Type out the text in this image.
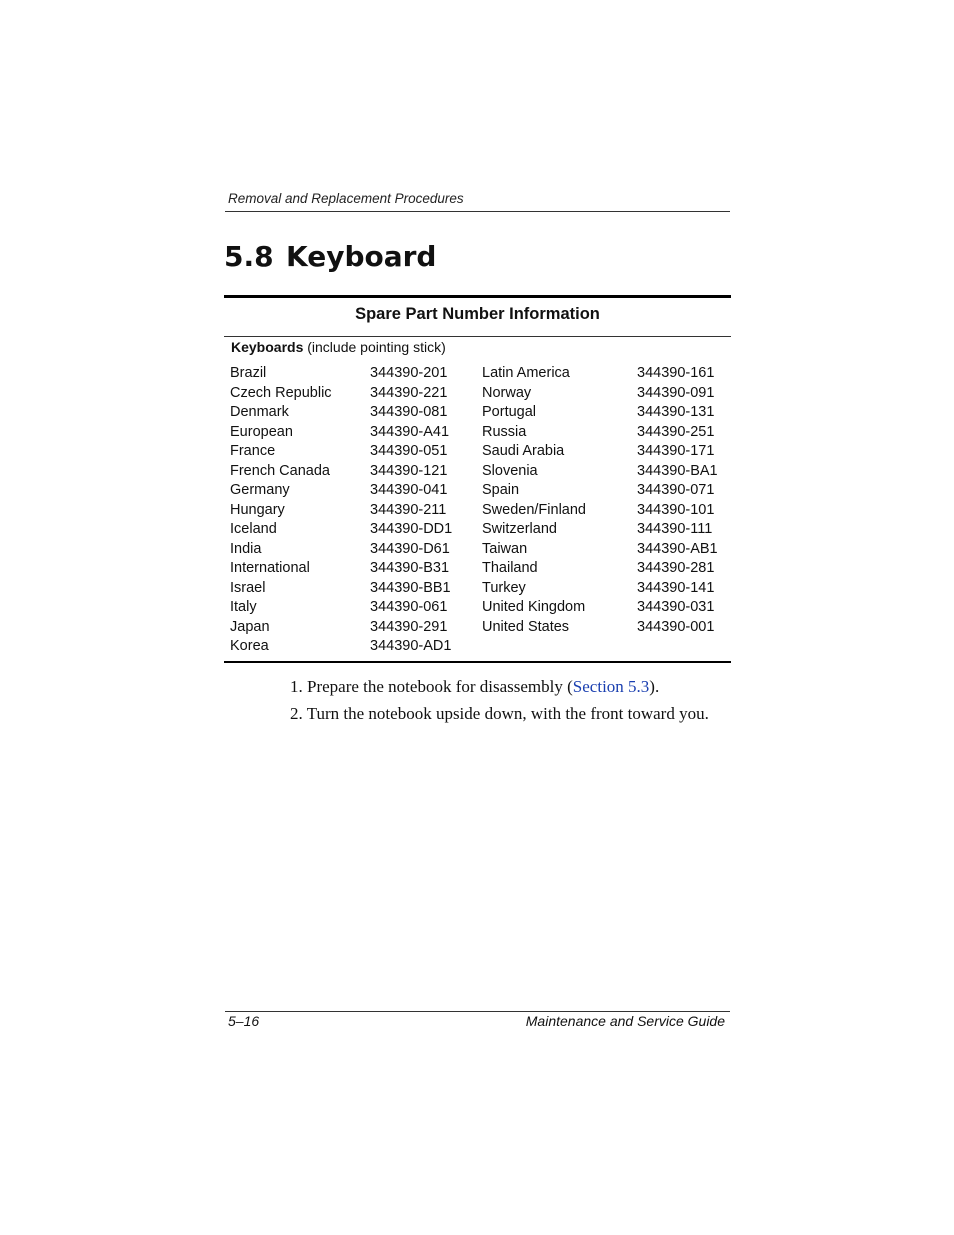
Removal and Replacement Procedures
5.8 Keyboard
Spare Part Number Information
Keyboards (include pointing stick)
Brazil	344390-201 Latin America	344390-161
Czech Republic	344390-221 Norway	344390-091
Denmark	344390-081 Portugal	344390-131
European	344390-A41 Russia	344390-251
France	344390-051 Saudi Arabia	344390-171
French Canada	344390-121 Slovenia	344390-BA1
Germany	344390-041 Spain	344390-071
Hungary	344390-211 Sweden/Finland	344390-101
Iceland	344390-DD1 Switzerland	344390-111
India	344390-D61 Taiwan	344390-AB1
International	344390-B31 Thailand	344390-281
Israel	344390-BB1 Turkey	344390-141
Italy	344390-061 United Kingdom	344390-031
Japan	344390-291 United States	344390-001
Korea	344390-AD1
1. Prepare the notebook for disassembly (Section 5.3).
2. Turn the notebook upside down, with the front toward you.
5–16	Maintenance and Service Guide
